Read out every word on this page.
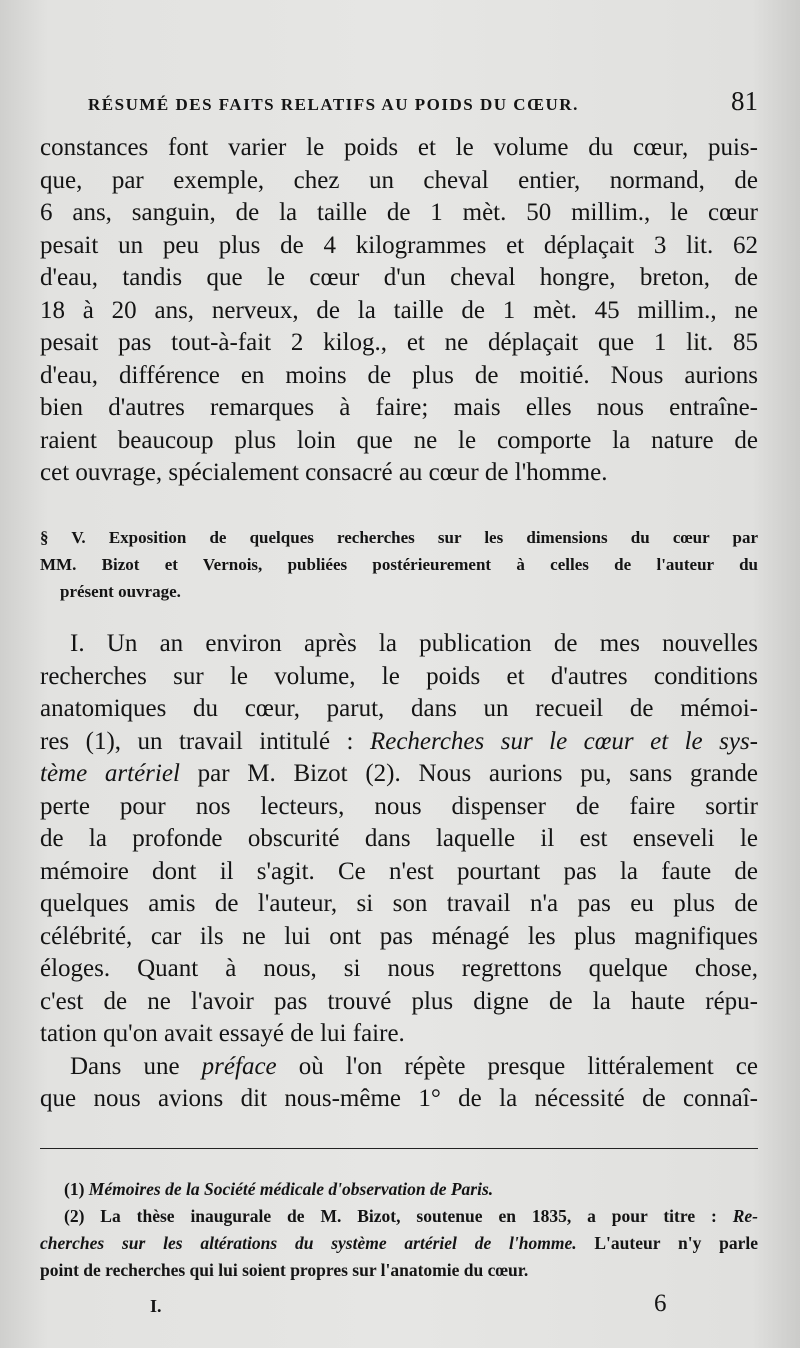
RÉSUMÉ DES FAITS RELATIFS AU POIDS DU CŒUR.	81
constances font varier le poids et le volume du cœur, puis-
que, par exemple, chez un cheval entier, normand, de
6 ans, sanguin, de la taille de 1 mèt. 50 millim., le cœur
pesait un peu plus de 4 kilogrammes et déplaçait 3 lit. 62
d'eau, tandis que le cœur d'un cheval hongre, breton, de
18 à 20 ans, nerveux, de la taille de 1 mèt. 45 millim., ne
pesait pas tout-à-fait 2 kilog., et ne déplaçait que 1 lit. 85
d'eau, différence en moins de plus de moitié. Nous aurions
bien d'autres remarques à faire; mais elles nous entraîne-
raient beaucoup plus loin que ne le comporte la nature de
cet ouvrage, spécialement consacré au cœur de l'homme.
§ V. Exposition de quelques recherches sur les dimensions du cœur par
MM. Bizot et Vernois, publiées postérieurement à celles de l'auteur du
présent ouvrage.
I. Un an environ après la publication de mes nouvelles
recherches sur le volume, le poids et d'autres conditions
anatomiques du cœur, parut, dans un recueil de mémoi-
res (1), un travail intitulé : Recherches sur le cœur et le sys-
tème artériel par M. Bizot (2). Nous aurions pu, sans grande
perte pour nos lecteurs, nous dispenser de faire sortir
de la profonde obscurité dans laquelle il est enseveli le
mémoire dont il s'agit. Ce n'est pourtant pas la faute de
quelques amis de l'auteur, si son travail n'a pas eu plus de
célébrité, car ils ne lui ont pas ménagé les plus magnifiques
éloges. Quant à nous, si nous regrettons quelque chose,
c'est de ne l'avoir pas trouvé plus digne de la haute répu-
tation qu'on avait essayé de lui faire.
Dans une préface où l'on répète presque littéralement ce
que nous avions dit nous-même 1° de la nécessité de connaî-
(1) Mémoires de la Société médicale d'observation de Paris.
(2) La thèse inaugurale de M. Bizot, soutenue en 1835, a pour titre : Re-
cherches sur les altérations du système artériel de l'homme. L'auteur n'y parle
point de recherches qui lui soient propres sur l'anatomie du cœur.
I.	6
